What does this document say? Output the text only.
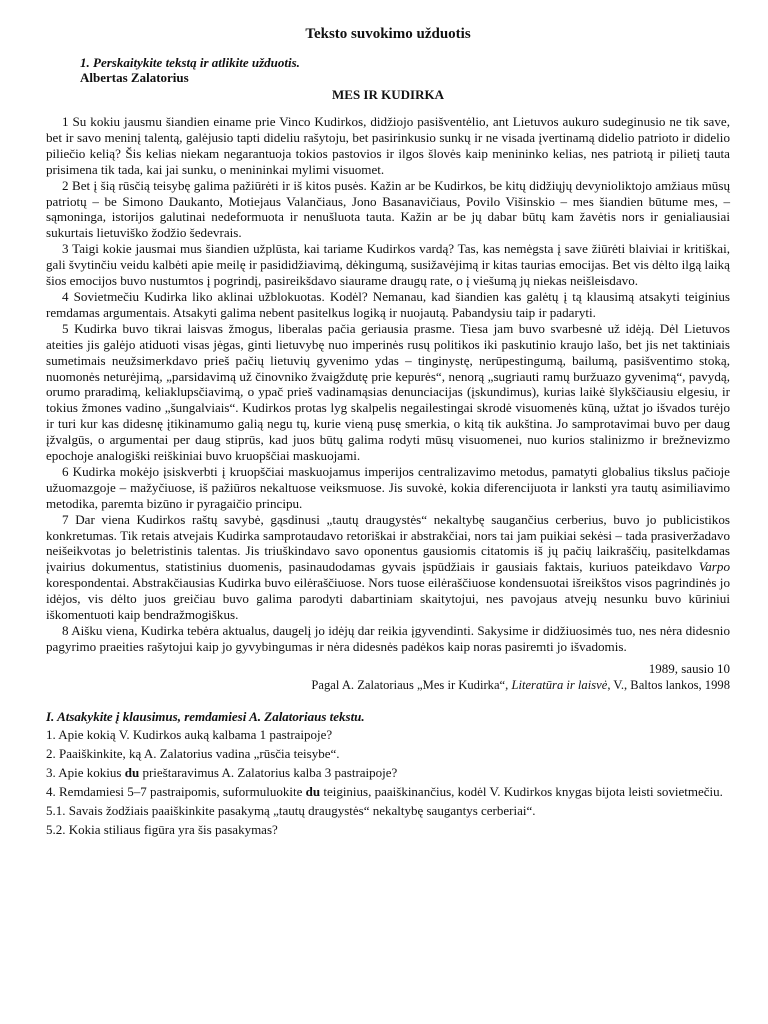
Teksto suvokimo užduotis
1. Perskaitykite tekstą ir atlikite užduotis.
Albertas Zalatorius
MES IR KUDIRKA

1 Su kokiu jausmu šiandien einame prie Vinco Kudirkos, didžiojo pasišventėlio, ant Lietuvos aukuro sudeginusio ne tik save, bet ir savo meninį talentą, galėjusio tapti dideliu rašytoju, bet pasirinkusio sunkų ir ne visada įvertinamą didelio patrioto ir didelio piliečio kelią? Šis kelias niekam negarantuoja tokios pastovios ir ilgos šlovės kaip menininko kelias, nes patriotą ir pilietį tauta prisimena tik tada, kai jai sunku, o menininkai mylimi visuomet.

2 Bet į šią rūsčią teisybę galima pažiūrėti ir iš kitos pusės. Kažin ar be Kudirkos, be kitų didžiųjų devynioliktojo amžiaus mūsų patriotų – be Simono Daukanto, Motiejaus Valančiaus, Jono Basanavičiaus, Povilo Višinskio – mes šiandien būtume mes, – sąmoninga, istorijos galutinai nedeformuota ir nenušluota tauta. Kažin ar be jų dabar būtų kam žavėtis nors ir genialiausiai sukurtais lietuviško žodžio šedevrais.

3 Taigi kokie jausmai mus šiandien užplūsta, kai tariame Kudirkos vardą? Tas, kas nemėgsta į save žiūrėti blaiviai ir kritiškai, gali švytinčiu veidu kalbėti apie meilę ir pasididžiavimą, dėkingumą, susižavėjimą ir kitas taurias emocijas. Bet vis dėlto ilgą laiką šios emocijos buvo nustumtos į pogrindį, pasireikšdavo siaurame draugų rate, o į viešumą jų niekas neišleisdavo.

4 Sovietmečiu Kudirka liko aklinai užblokuotas. Kodėl? Nemanau, kad šiandien kas galėtų į tą klausimą atsakyti teiginius remdamas argumentais. Atsakyti galima nebent pasitelkus logiką ir nuojautą. Pabandysiu taip ir padaryti.

5 Kudirka buvo tikrai laisvas žmogus, liberalas pačia geriausia prasme. Tiesa jam buvo svarbesnė už idėją. Dėl Lietuvos ateities jis galėjo atiduoti visas jėgas, ginti lietuvybę nuo imperinės rusų politikos iki paskutinio kraujo lašo, bet jis net taktiniais sumetimais neužsimerkdavo prieš pačių lietuvių gyvenimo ydas – tinginystę, nerūpestingumą, bailumą, pasišventimo stoką, nuomonės neturėjimą, „parsidavimą už činovniko žvaigždutę prie kepurės“, nenorą „sugriauti ramų buržuazo gyvenimą“, pavydą, orumo praradimą, keliaklupsčiavimą, o ypač prieš vadinamąsias denunciacijas (įskundimus), kurias laikė šlykščiausiu elgesiu, ir tokius žmones vadino „šungalviais“. Kudirkos protas lyg skalpelis negailestingai skrodė visuomenės kūną, užtat jo išvados turėjo ir turi kur kas didesnę įtikinamumo galią negu tų, kurie vieną pusę smerkia, o kitą tik aukština. Jo samprotavimai buvo per daug įžvalgūs, o argumentai per daug stiprūs, kad juos būtų galima rodyti mūsų visuomenei, nuo kurios stalinizmo ir brežnevizmo epochoje analogiški reiškiniai buvo kruopščiai maskuojami.

6 Kudirka mokėjo įsiskverbti į kruopščiai maskuojamus imperijos centralizavimo metodus, pamatyti globalius tikslus pačioje užuomazgoje – mažyčiuose, iš pažiūros nekaltuose veiksmuose. Jis suvokė, kokia diferencijuota ir lanksti yra tautų asimiliavimo metodika, paremta bizūno ir pyragaičio principu.

7 Dar viena Kudirkos raštų savybė, gąsdinusi „tautų draugystės“ nekaltybę saugančius cerberius, buvo jo publicistikos konkretumas. Tik retais atvejais Kudirka samprotaudavo retoriškai ir abstrakčiai, nors tai jam puikiai sekėsi – tada prasiveržadavo neišeikvotas jo beletristinis talentas. Jis triuškindavo savo oponentus gausiomis citatomis iš jų pačių laikraščių, pasitelkdamas įvairius dokumentus, statistinius duomenis, pasinaudodamas gyvais įspūdžiais ir gausiais faktais, kuriuos pateikdavo Varpo korespondentai. Abstrakčiausias Kudirka buvo eilėraščiuose. Nors tuose eilėraščiuose kondensuotai išreikštos visos pagrindinės jo idėjos, vis dėlto juos greičiau buvo galima parodyti dabartiniam skaitytojui, nes pavojaus atvejų nesunku buvo kūriniui iškomentuoti kaip bendražmogiškus.

8 Aišku viena, Kudirka tebėra aktualus, daugelį jo idėjų dar reikia įgyvendinti. Sakysime ir didžiuosimės tuo, nes nėra didesnio pagyrimo praeities rašytojui kaip jo gyvybingumas ir nėra didesnės padėkos kaip noras pasiremti jo išvadomis.

1989, sausio 10
Pagal A. Zalatoriaus „Mes ir Kudirka“, Literatūra ir laisvė, V., Baltos lankos, 1998
I. Atsakykite į klausimus, remdamiesi A. Zalatoriaus tekstu.
1. Apie kokią V. Kudirkos auką kalbama 1 pastraipoje?
2. Paaiškinkite, ką A. Zalatorius vadina „rūsčia teisybe“.
3. Apie kokius du prieštaravimus A. Zalatorius kalba 3 pastraipoje?
4. Remdamiesi 5–7 pastraipomis, suformuluokite du teiginius, paaiškinančius, kodėl V. Kudirkos knygas bijota leisti sovietmečiu.
5.1. Savais žodžiais paaiškinkite pasakymą „tautų draugystės“ nekaltybę saugantys cerberiai“.
5.2. Kokia stiliaus figūra yra šis pasakymas?
